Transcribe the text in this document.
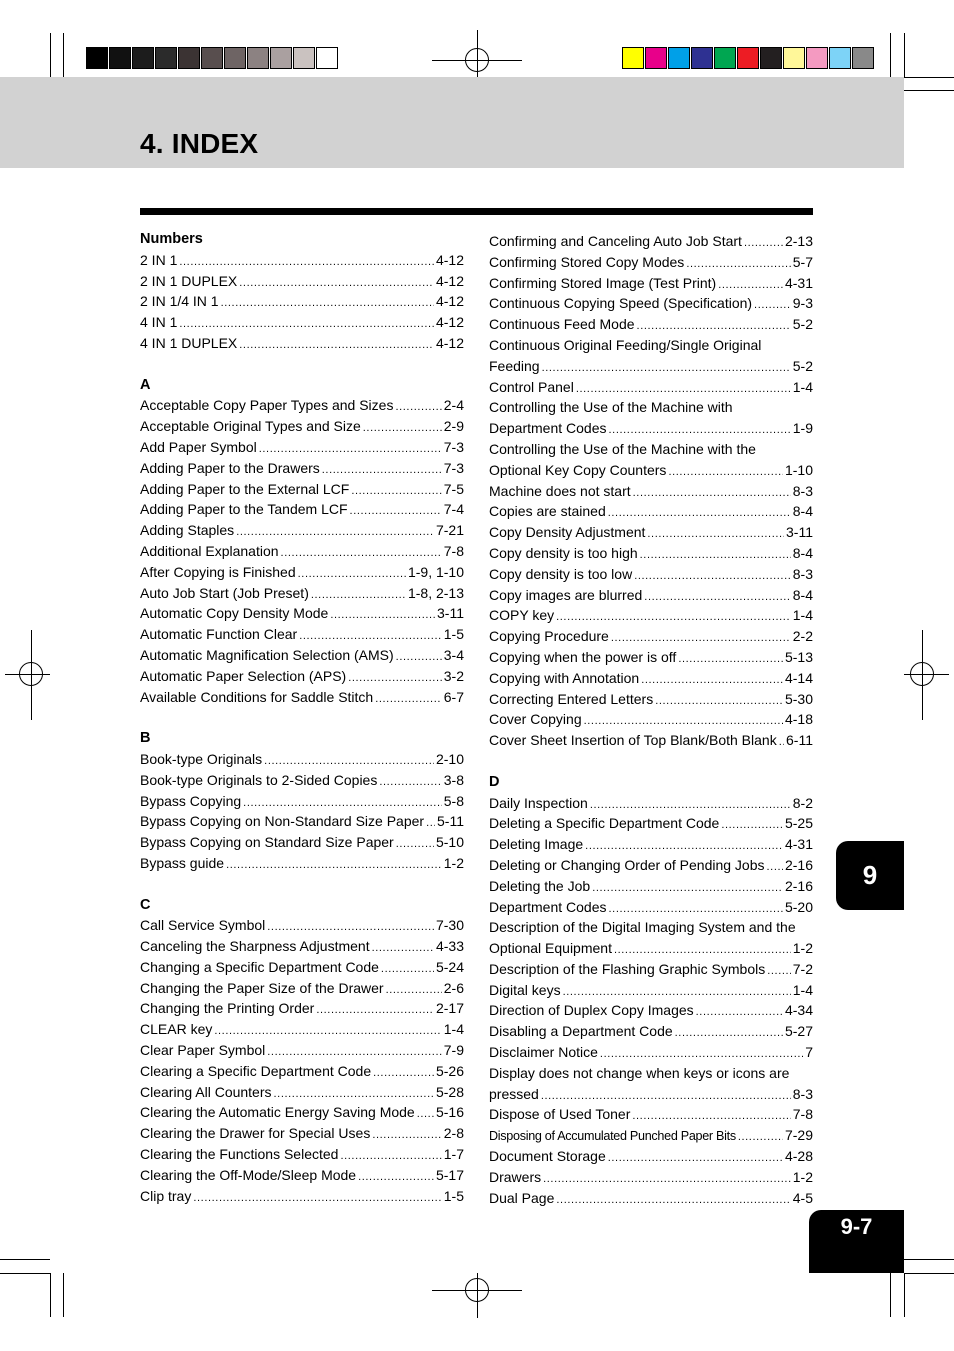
4. INDEX
Numbers
2 IN 1 .....	4-12
2 IN 1 DUPLEX .....	4-12
2 IN 1/4 IN 1 .....	4-12
4 IN 1 .....	4-12
4 IN 1 DUPLEX .....	4-12
A
Acceptable Copy Paper Types and Sizes .....	2-4
Acceptable Original Types and Size .....	2-9
Add Paper Symbol .....	7-3
Adding Paper to the Drawers .....	7-3
Adding Paper to the External LCF .....	7-5
Adding Paper to the Tandem LCF .....	7-4
Adding Staples .....	7-21
Additional Explanation .....	7-8
After Copying is Finished .....	1-9, 1-10
Auto Job Start (Job Preset) .....	1-8, 2-13
Automatic Copy Density Mode .....	3-11
Automatic Function Clear .....	1-5
Automatic Magnification Selection (AMS) .....	3-4
Automatic Paper Selection (APS) .....	3-2
Available Conditions for Saddle Stitch .....	6-7
B
Book-type Originals .....	2-10
Book-type Originals to 2-Sided Copies .....	3-8
Bypass Copying .....	5-8
Bypass Copying on Non-Standard Size Paper ..... 5-11
Bypass Copying on Standard Size Paper .....	5-10
Bypass guide .....	1-2
C
Call Service Symbol .....	7-30
Canceling the Sharpness Adjustment .....	4-33
Changing a Specific Department Code .....	5-24
Changing the Paper Size of the Drawer .....	2-6
Changing the Printing Order .....	2-17
CLEAR key .....	1-4
Clear Paper Symbol .....	7-9
Clearing a Specific Department Code .....	5-26
Clearing All Counters .....	5-28
Clearing the Automatic Energy Saving Mode ..... 5-16
Clearing the Drawer for Special Uses .....	2-8
Clearing the Functions Selected .....	1-7
Clearing the Off-Mode/Sleep Mode .....	5-17
Clip tray .....	1-5
Confirming and Canceling Auto Job Start .....	2-13
Confirming Stored Copy Modes .....	5-7
Confirming Stored Image (Test Print) .....	4-31
Continuous Copying Speed (Specification) .....	9-3
Continuous Feed Mode .....	5-2
Continuous Original Feeding/Single Original
Feeding .....	5-2
Control Panel .....	1-4
Controlling the Use of the Machine with
Department Codes .....	1-9
Controlling the Use of the Machine with the
Optional Key Copy Counters .....	1-10
Machine does not start .....	8-3
Copies are stained .....	8-4
Copy Density Adjustment .....	3-11
Copy density is too high .....	8-4
Copy density is too low .....	8-3
Copy images are blurred .....	8-4
COPY key .....	1-4
Copying Procedure .....	2-2
Copying when the power is off .....	5-13
Copying with Annotation .....	4-14
Correcting Entered Letters .....	5-30
Cover Copying .....	4-18
Cover Sheet Insertion of Top Blank/Both Blank ..... 6-11
D
Daily Inspection .....	8-2
Deleting a Specific Department Code .....	5-25
Deleting Image .....	4-31
Deleting or Changing Order of Pending Jobs ..... 2-16
Deleting the Job .....	2-16
Department Codes .....	5-20
Description of the Digital Imaging System and the
Optional Equipment .....	1-2
Description of the Flashing Graphic Symbols ..... 7-2
Digital keys .....	1-4
Direction of Duplex Copy Images .....	4-34
Disabling a Department Code .....	5-27
Disclaimer Notice .....	7
Display does not change when keys or icons are
pressed .....	8-3
Dispose of Used Toner .....	7-8
Disposing of Accumulated Punched Paper Bits .....	7-29
Document Storage .....	4-28
Drawers .....	1-2
Dual Page .....	4-5
9
9-7
